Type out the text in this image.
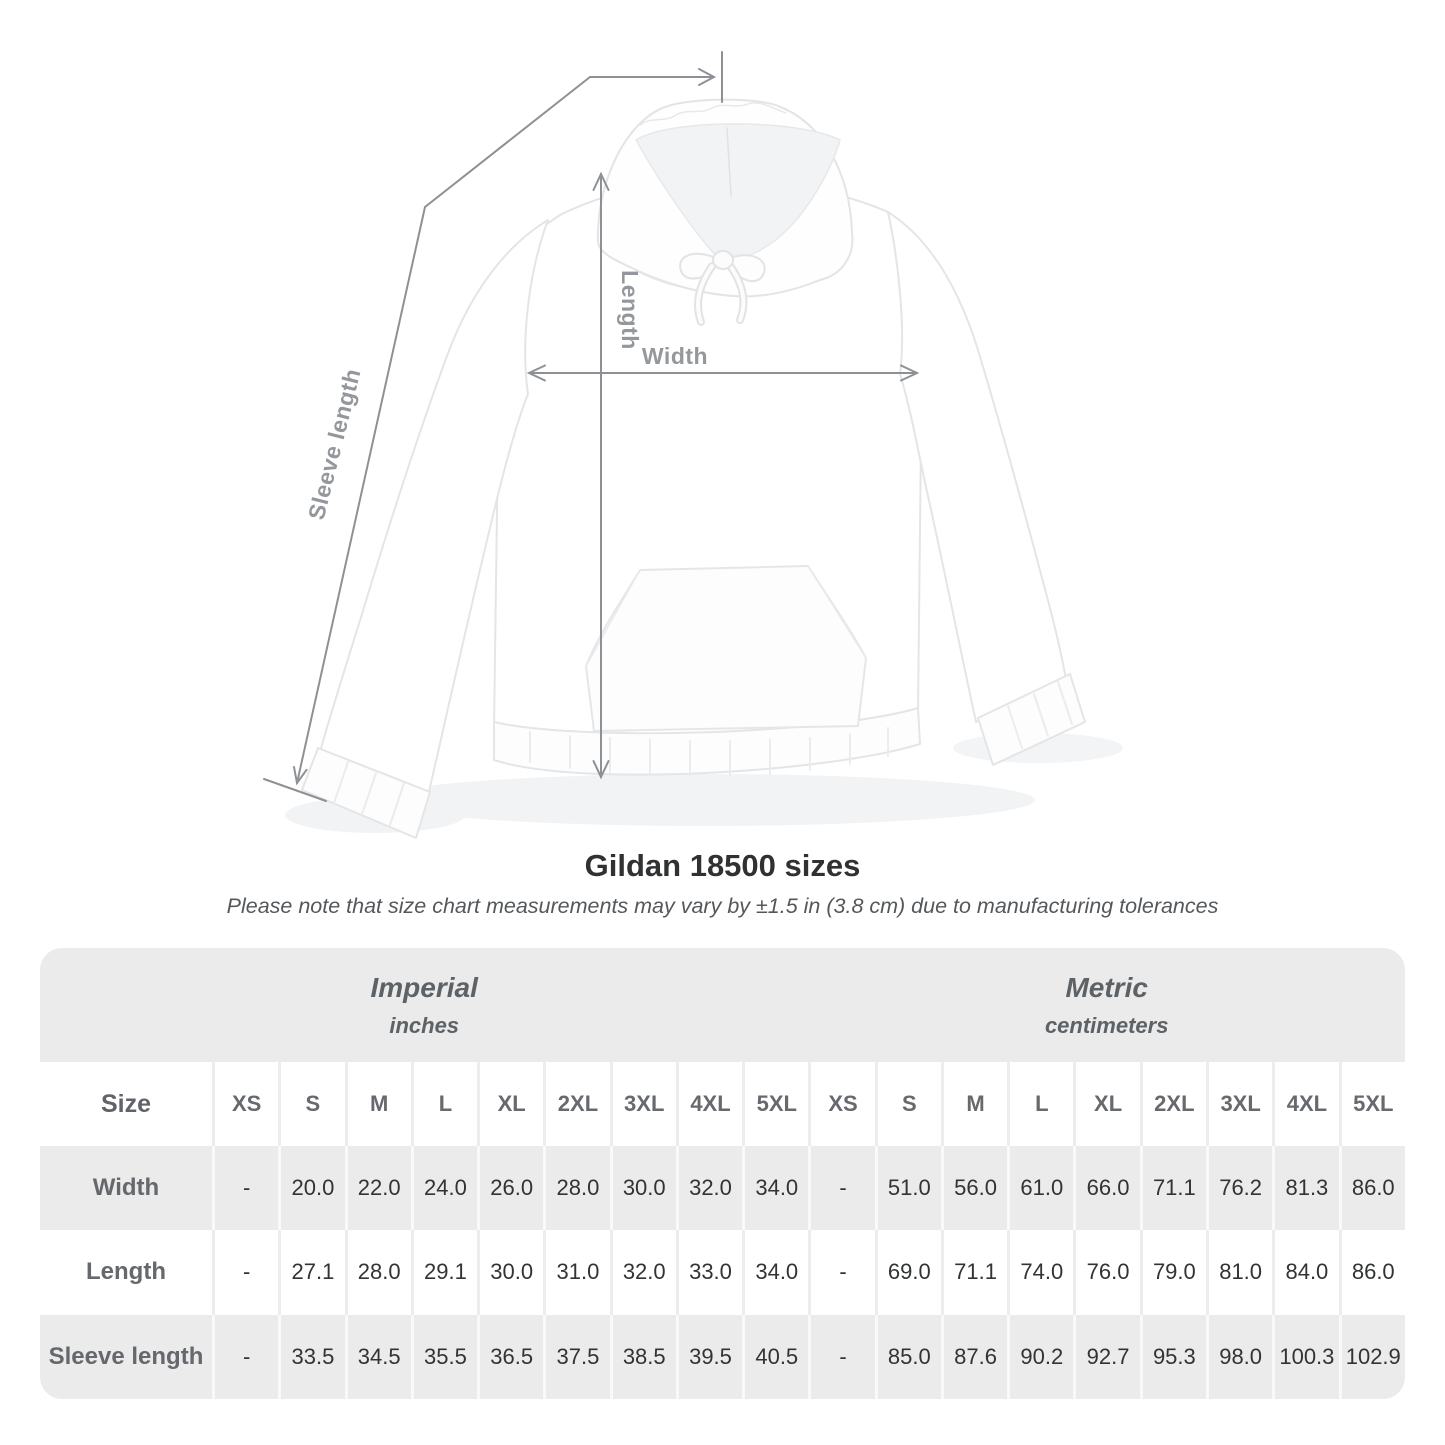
Sleeve length
Length
Width
Gildan 18500 sizes
Please note that size chart measurements may vary by ±1.5 in (3.8 cm) due to manufacturing tolerances
Imperial
inches

Metric
centimeters

Size	XS	S	M	L	XL	2XL	3XL	4XL	5XL	XS	S	M	L	XL	2XL	3XL	4XL	5XL
Width	-	20.0	22.0	24.0	26.0	28.0	30.0	32.0	34.0	-	51.0	56.0	61.0	66.0	71.1	76.2	81.3	86.0
Length	-	27.1	28.0	29.1	30.0	31.0	32.0	33.0	34.0	-	69.0	71.1	74.0	76.0	79.0	81.0	84.0	86.0
Sleeve length	-	33.5	34.5	35.5	36.5	37.5	38.5	39.5	40.5	-	85.0	87.6	90.2	92.7	95.3	98.0	100.3	102.9
